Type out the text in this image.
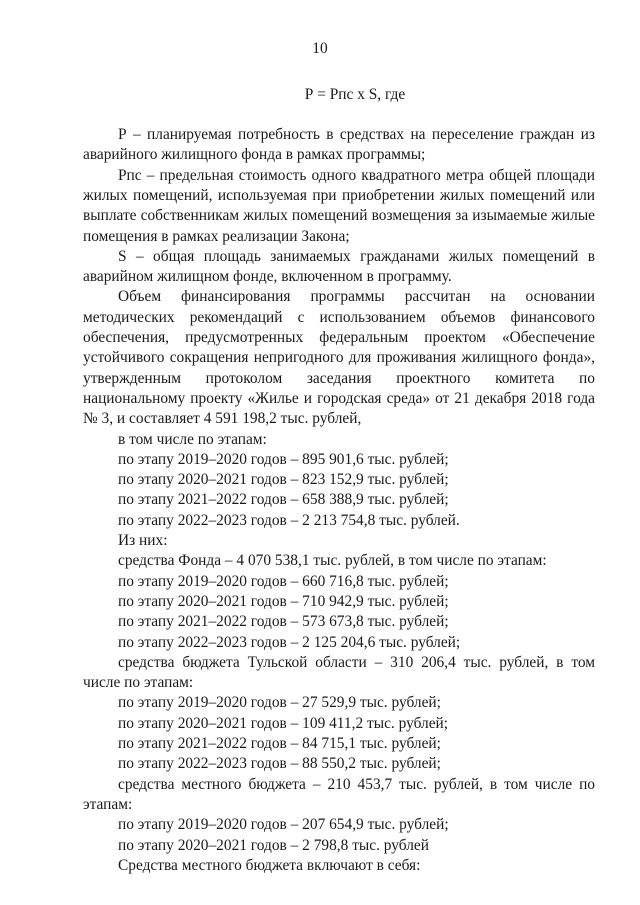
10
Р = Рпс x S, где
Р – планируемая потребность в средствах на переселение граждан из
аварийного жилищного фонда в рамках программы;
Рпс – предельная стоимость одного квадратного метра общей площади
жилых помещений, используемая при приобретении жилых помещений или
выплате собственникам жилых помещений возмещения за изымаемые жилые
помещения в рамках реализации Закона;
S – общая площадь занимаемых гражданами жилых помещений в
аварийном жилищном фонде, включенном в программу.
Объем финансирования программы рассчитан на основании
методических рекомендаций с использованием объемов финансового
обеспечения, предусмотренных федеральным проектом «Обеспечение
устойчивого сокращения непригодного для проживания жилищного фонда»,
утвержденным протоколом заседания проектного комитета по
национальному проекту «Жилье и городская среда» от 21 декабря 2018 года
№ 3, и составляет 4 591 198,2 тыс. рублей,
в том числе по этапам:
по этапу 2019–2020 годов – 895 901,6 тыс. рублей;
по этапу 2020–2021 годов – 823 152,9 тыс. рублей;
по этапу 2021–2022 годов – 658 388,9 тыс. рублей;
по этапу 2022–2023 годов – 2 213 754,8 тыс. рублей.
Из них:
средства Фонда – 4 070 538,1 тыс. рублей, в том числе по этапам:
по этапу 2019–2020 годов – 660 716,8 тыс. рублей;
по этапу 2020–2021 годов – 710 942,9 тыс. рублей;
по этапу 2021–2022 годов – 573 673,8 тыс. рублей;
по этапу 2022–2023 годов – 2 125 204,6 тыс. рублей;
средства бюджета Тульской области – 310 206,4 тыс. рублей, в том
числе по этапам:
по этапу 2019–2020 годов – 27 529,9 тыс. рублей;
по этапу 2020–2021 годов – 109 411,2 тыс. рублей;
по этапу 2021–2022 годов – 84 715,1 тыс. рублей;
по этапу 2022–2023 годов – 88 550,2 тыс. рублей;
средства местного бюджета – 210 453,7 тыс. рублей, в том числе по
этапам:
по этапу 2019–2020 годов – 207 654,9 тыс. рублей;
по этапу 2020–2021 годов – 2 798,8 тыс. рублей
Средства местного бюджета включают в себя:
